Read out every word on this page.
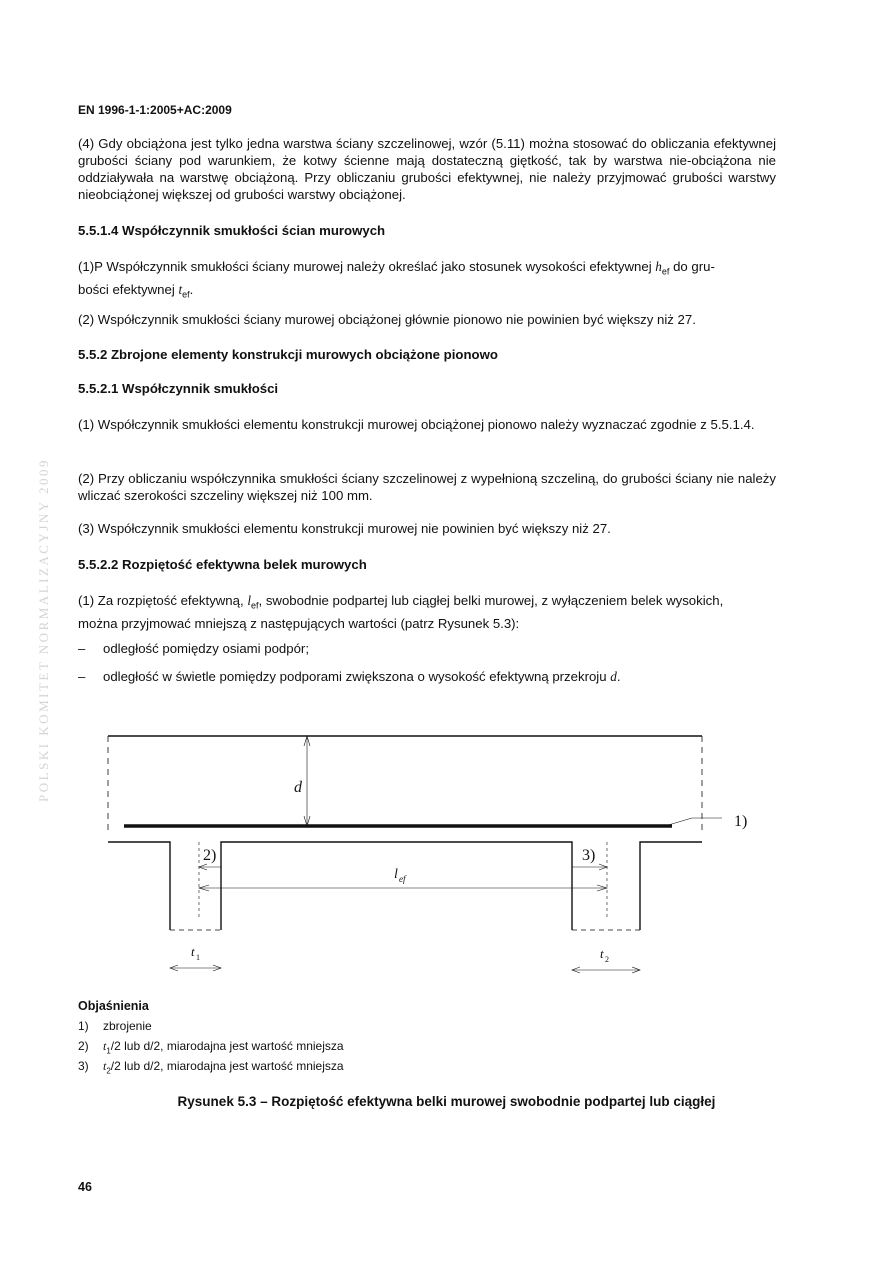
POLSKI KOMITET NORMALIZACYJNY 2009
EN 1996-1-1:2005+AC:2009
(4) Gdy obciążona jest tylko jedna warstwa ściany szczelinowej, wzór (5.11) można stosować do obliczania efektywnej grubości ściany pod warunkiem, że kotwy ścienne mają dostateczną giętkość, tak by warstwa nie-obciążona nie oddziaływała na warstwę obciążoną. Przy obliczaniu grubości efektywnej, nie należy przyjmować grubości warstwy nieobciążonej większej od grubości warstwy obciążonej.
5.5.1.4 Współczynnik smukłości ścian murowych
(1)P Współczynnik smukłości ściany murowej należy określać jako stosunek wysokości efektywnej $h_{ef}$ do gru-
bości efektywnej $t_{ef}$.
(2) Współczynnik smukłości ściany murowej obciążonej głównie pionowo nie powinien być większy niż 27.
5.5.2 Zbrojone elementy konstrukcji murowych obciążone pionowo
5.5.2.1 Współczynnik smukłości
(1) Współczynnik smukłości elementu konstrukcji murowej obciążonej pionowo należy wyznaczać zgodnie z 5.5.1.4.
(2) Przy obliczaniu współczynnika smukłości ściany szczelinowej z wypełnioną szczeliną, do grubości ściany nie należy wliczać szerokości szczeliny większej niż 100 mm.
(3) Współczynnik smukłości elementu konstrukcji murowej nie powinien być większy niż 27.
5.5.2.2 Rozpiętość efektywna belek murowych
(1) Za rozpiętość efektywną, $l_{ef}$, swobodnie podpartej lub ciągłej belki murowej, z wyłączeniem belek wysokich,
można przyjmować mniejszą z następujących wartości (patrz Rysunek 5.3):
– odległość pomiędzy osiami podpór;
– odległość w świetle pomiędzy podporami zwiększona o wysokość efektywną przekroju d.
d
l ef
1)
2)	3)
t 1	t 2
Objaśnienia
1) zbrojenie
2) $t_1/2$ lub d/2, miarodajna jest wartość mniejsza
3) $t_2/2$ lub d/2, miarodajna jest wartość mniejsza
Rysunek 5.3 – Rozpiętość efektywna belki murowej swobodnie podpartej lub ciągłej
46
